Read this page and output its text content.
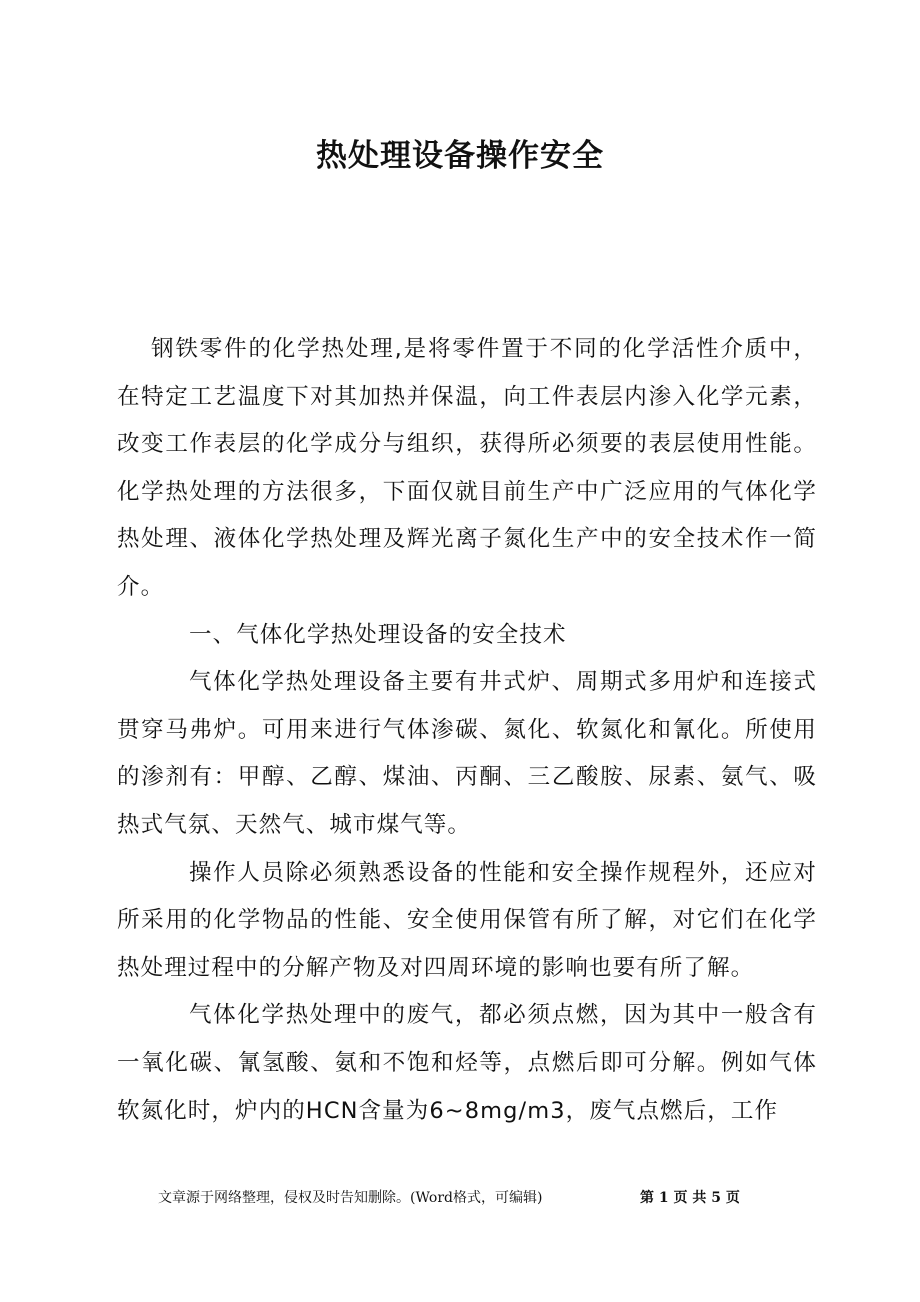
热处理设备操作安全

钢铁零件的化学热处理,是将零件置于不同的化学活性介质中，在特定工艺温度下对其加热并保温，向工件表层内渗入化学元素，改变工作表层的化学成分与组织，获得所必须要的表层使用性能。化学热处理的方法很多，下面仅就目前生产中广泛应用的气体化学热处理、液体化学热处理及辉光离子氮化生产中的安全技术作一简介。

一、气体化学热处理设备的安全技术

气体化学热处理设备主要有井式炉、周期式多用炉和连接式贯穿马弗炉。可用来进行气体渗碳、氮化、软氮化和氰化。所使用的渗剂有：甲醇、乙醇、煤油、丙酮、三乙酸胺、尿素、氨气、吸热式气氛、天然气、城市煤气等。

操作人员除必须熟悉设备的性能和安全操作规程外，还应对所采用的化学物品的性能、安全使用保管有所了解，对它们在化学热处理过程中的分解产物及对四周环境的影响也要有所了解。

气体化学热处理中的废气，都必须点燃，因为其中一般含有一氧化碳、氰氢酸、氨和不饱和烃等，点燃后即可分解。例如气体软氮化时，炉内的HCN含量为6~8mg/m3，废气点燃后，工作

文章源于网络整理，侵权及时告知删除。(Word格式，可编辑)	第 1 页 共 5 页
